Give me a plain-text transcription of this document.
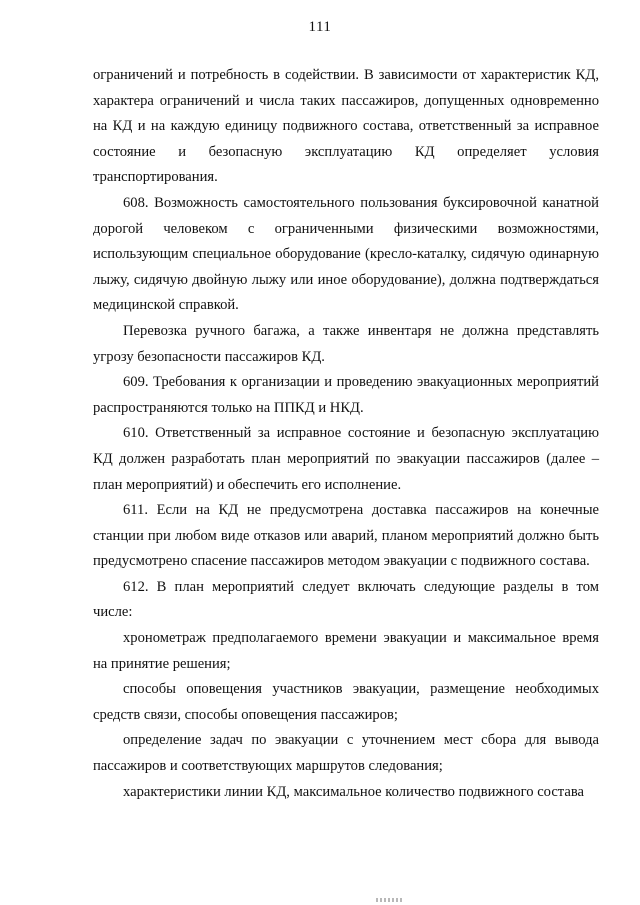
111

ограничений и потребность в содействии. В зависимости от характеристик КД, характера ограничений и числа таких пассажиров, допущенных одновременно на КД и на каждую единицу подвижного состава, ответственный за исправное состояние и безопасную эксплуатацию КД определяет условия транспортирования.

608. Возможность самостоятельного пользования буксировочной канатной дорогой человеком с ограниченными физическими возможностями, использующим специальное оборудование (кресло-каталку, сидячую одинарную лыжу, сидячую двойную лыжу или иное оборудование), должна подтверждаться медицинской справкой.

Перевозка ручного багажа, а также инвентаря не должна представлять угрозу безопасности пассажиров КД.

609. Требования к организации и проведению эвакуационных мероприятий распространяются только на ППКД и НКД.

610. Ответственный за исправное состояние и безопасную эксплуатацию КД должен разработать план мероприятий по эвакуации пассажиров (далее – план мероприятий) и обеспечить его исполнение.

611. Если на КД не предусмотрена доставка пассажиров на конечные станции при любом виде отказов или аварий, планом мероприятий должно быть предусмотрено спасение пассажиров методом эвакуации с подвижного состава.

612. В план мероприятий следует включать следующие разделы в том числе:

хронометраж предполагаемого времени эвакуации и максимальное время на принятие решения;

способы оповещения участников эвакуации, размещение необходимых средств связи, способы оповещения пассажиров;

определение задач по эвакуации с уточнением мест сбора для вывода пассажиров и соответствующих маршрутов следования;

характеристики линии КД, максимальное количество подвижного состава
